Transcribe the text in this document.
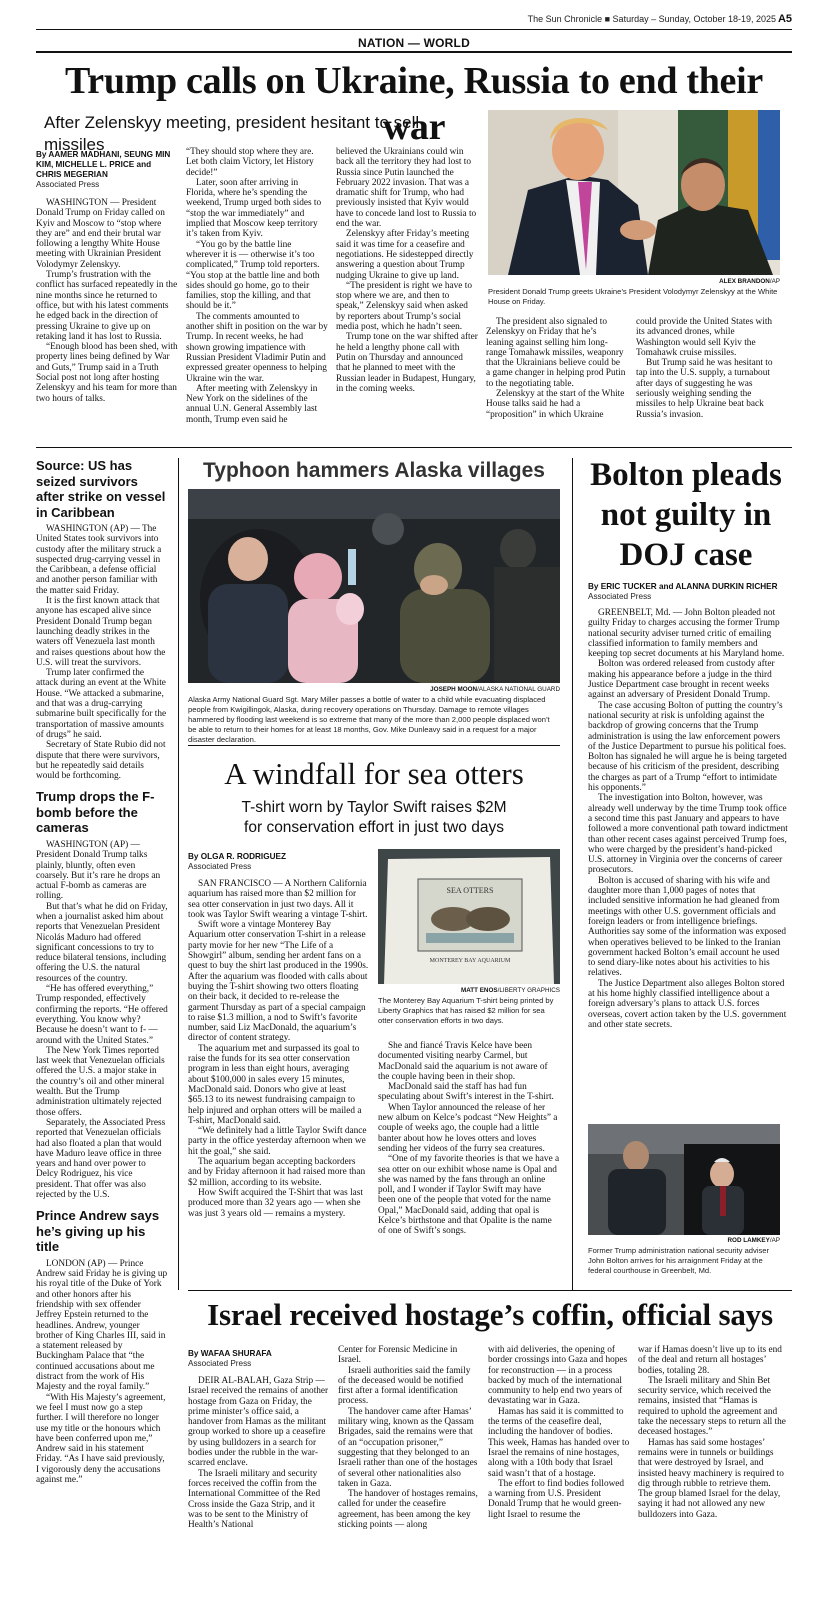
The Sun Chronicle ■ Saturday – Sunday, October 18-19, 2025 A5
NATION — WORLD
Trump calls on Ukraine, Russia to end their war
After Zelenskyy meeting, president hesitant to sell missiles
By AAMER MADHANI, SEUNG MIN KIM, MICHELLE L. PRICE and CHRIS MEGERIAN
Associated Press

WASHINGTON — President Donald Trump on Friday called on Kyiv and Moscow to “stop where they are” and end their brutal war following a lengthy White House meeting with Ukrainian President Volodymyr Zelenskyy.

Trump’s frustration with the conflict has surfaced repeatedly in the nine months since he returned to office, but with his latest comments he edged back in the direction of pressing Ukraine to give up on retaking land it has lost to Russia.

“Enough blood has been shed, with property lines being defined by War and Guts,” Trump said in a Truth Social post not long after hosting Zelenskyy and his team for more than two hours of talks.

“They should stop where they are. Let both claim Victory, let History decide!”

Later, soon after arriving in Florida, where he’s spending the weekend, Trump urged both sides to “stop the war immediately” and implied that Moscow keep territory it’s taken from Kyiv.

“You go by the battle line wherever it is — otherwise it’s too complicated,” Trump told reporters. “You stop at the battle line and both sides should go home, go to their families, stop the killing, and that should be it.”

The comments amounted to another shift in position on the war by Trump. In recent weeks, he had shown growing impatience with Russian President Vladimir Putin and expressed greater openness to helping Ukraine win the war.

After meeting with Zelenskyy in New York on the sidelines of the annual U.N. General Assembly last month, Trump even said he

believed the Ukrainians could win back all the territory they had lost to Russia since Putin launched the February 2022 invasion. That was a dramatic shift for Trump, who had previously insisted that Kyiv would have to concede land lost to Russia to end the war.

Zelenskyy after Friday’s meeting said it was time for a ceasefire and negotiations. He sidestepped directly answering a question about Trump nudging Ukraine to give up land.

“The president is right we have to stop where we are, and then to speak,” Zelenskyy said when asked by reporters about Trump’s social media post, which he hadn’t seen.

Trump tone on the war shifted after he held a lengthy phone call with Putin on Thursday and announced that he planned to meet with the Russian leader in Budapest, Hungary, in the coming weeks.

ALEX BRANDON/AP
President Donald Trump greets Ukraine’s President Volodymyr Zelenskyy at the White House on Friday.

The president also signaled to Zelenskyy on Friday that he’s leaning against selling him long-range Tomahawk missiles, weaponry that the Ukrainians believe could be a game changer in helping prod Putin to the negotiating table.

Zelenskyy at the start of the White House talks said he had a “proposition” in which Ukraine

could provide the United States with its advanced drones, while Washington would sell Kyiv the Tomahawk cruise missiles.

But Trump said he was hesitant to tap into the U.S. supply, a turnabout after days of suggesting he was seriously weighing sending the missiles to help Ukraine beat back Russia’s invasion.

Source: US has seized survivors after strike on vessel in Caribbean

WASHINGTON (AP) — The United States took survivors into custody after the military struck a suspected drug-carrying vessel in the Caribbean, a defense official and another person familiar with the matter said Friday.

It is the first known attack that anyone has escaped alive since President Donald Trump began launching deadly strikes in the waters off Venezuela last month and raises questions about how the U.S. will treat the survivors.

Trump later confirmed the attack during an event at the White House. “We attacked a submarine, and that was a drug-carrying submarine built specifically for the transportation of massive amounts of drugs” he said.

Secretary of State Rubio did not dispute that there were survivors, but he repeatedly said details would be forthcoming.

Trump drops the F-bomb before the cameras

WASHINGTON (AP) — President Donald Trump talks plainly, bluntly, often even coarsely. But it’s rare he drops an actual F-bomb as cameras are rolling.

But that’s what he did on Friday, when a journalist asked him about reports that Venezuelan President Nicolás Maduro had offered significant concessions to try to reduce bilateral tensions, including offering the U.S. the natural resources of the country.

“He has offered everything,” Trump responded, effectively confirming the reports. “He offered everything. You know why? Because he doesn’t want to f- — around with the United States.”

The New York Times reported last week that Venezuelan officials offered the U.S. a major stake in the country’s oil and other mineral wealth. But the Trump administration ultimately rejected those offers.

Separately, the Associated Press reported that Venezuelan officials had also floated a plan that would have Maduro leave office in three years and hand over power to Delcy Rodriguez, his vice president. That offer was also rejected by the U.S.

Prince Andrew says he’s giving up his title

LONDON (AP) — Prince Andrew said Friday he is giving up his royal title of the Duke of York and other honors after his friendship with sex offender Jeffrey Epstein returned to the headlines. Andrew, younger brother of King Charles III, said in a statement released by Buckingham Palace that “the continued accusations about me distract from the work of His Majesty and the royal family.”

“With His Majesty’s agreement, we feel I must now go a step further. I will therefore no longer use my title or the honours which have been conferred upon me,” Andrew said in his statement Friday. “As I have said previously, I vigorously deny the accusations against me.”

Typhoon hammers Alaska villages
JOSEPH MOON/ALASKA NATIONAL GUARD
Alaska Army National Guard Sgt. Mary Miller passes a bottle of water to a child while evacuating displaced people from Kwigillingok, Alaska, during recovery operations on Thursday. Damage to remote villages hammered by flooding last weekend is so extreme that many of the more than 2,000 people displaced won’t be able to return to their homes for at least 18 months, Gov. Mike Dunleavy said in a request for a major disaster declaration.
A windfall for sea otters
T-shirt worn by Taylor Swift raises $2M
for conservation effort in just two days
By OLGA R. RODRIGUEZ
Associated Press

SAN FRANCISCO — A Northern California aquarium has raised more than $2 million for sea otter conservation in just two days. All it took was Taylor Swift wearing a vintage T-shirt.

Swift wore a vintage Monterey Bay Aquarium otter conservation T-shirt in a release party movie for her new “The Life of a Showgirl” album, sending her ardent fans on a quest to buy the shirt last produced in the 1990s. After the aquarium was flooded with calls about buying the T-shirt showing two otters floating on their back, it decided to re-release the garment Thursday as part of a special campaign to raise $1.3 million, a nod to Swift’s favorite number, said Liz MacDonald, the aquarium’s director of content strategy.

The aquarium met and surpassed its goal to raise the funds for its sea otter conservation program in less than eight hours, averaging about $100,000 in sales every 15 minutes, MacDonald said. Donors who give at least $65.13 to its newest fundraising campaign to help injured and orphan otters will be mailed a T-shirt, MacDonald said.

“We definitely had a little Taylor Swift dance party in the office yesterday afternoon when we hit the goal,” she said.

The aquarium began accepting backorders and by Friday afternoon it had raised more than $2 million, according to its website.

How Swift acquired the T-Shirt that was last produced more than 32 years ago — when she was just 3 years old — remains a mystery.

SEA OTTERS
MONTEREY BAY AQUARIUM
MATT ENOS/LIBERTY GRAPHICS
The Monterey Bay Aquarium T-shirt being printed by Liberty Graphics that has raised $2 million for sea otter conservation efforts in two days.

She and fiancé Travis Kelce have been documented visiting nearby Carmel, but MacDonald said the aquarium is not aware of the couple having been in their shop.

MacDonald said the staff has had fun speculating about Swift’s interest in the T-shirt.

When Taylor announced the release of her new album on Kelce’s podcast “New Heights” a couple of weeks ago, the couple had a little banter about how he loves otters and loves sending her videos of the furry sea creatures.

“One of my favorite theories is that we have a sea otter on our exhibit whose name is Opal and she was named by the fans through an online poll, and I wonder if Taylor Swift may have been one of the people that voted for the name Opal,” MacDonald said, adding that opal is Kelce’s birthstone and that Opalite is the name of one of Swift’s songs.

Bolton pleads
not guilty in
DOJ case
By ERIC TUCKER and ALANNA DURKIN RICHER
Associated Press

GREENBELT, Md. — John Bolton pleaded not guilty Friday to charges accusing the former Trump national security adviser turned critic of emailing classified information to family members and keeping top secret documents at his Maryland home.

Bolton was ordered released from custody after making his appearance before a judge in the third Justice Department case brought in recent weeks against an adversary of President Donald Trump.

The case accusing Bolton of putting the country’s national security at risk is unfolding against the backdrop of growing concerns that the Trump administration is using the law enforcement powers of the Justice Department to pursue his political foes. Bolton has signaled he will argue he is being targeted because of his criticism of the president, describing the charges as part of a Trump “effort to intimidate his opponents.”

The investigation into Bolton, however, was already well underway by the time Trump took office a second time this past January and appears to have followed a more conventional path toward indictment than other recent cases against perceived Trump foes, who were charged by the president’s hand-picked U.S. attorney in Virginia over the concerns of career prosecutors.

Bolton is accused of sharing with his wife and daughter more than 1,000 pages of notes that included sensitive information he had gleaned from meetings with other U.S. government officials and foreign leaders or from intelligence briefings. Authorities say some of the information was exposed when operatives believed to be linked to the Iranian government hacked Bolton’s email account he used to send diary-like notes about his activities to his relatives.

The Justice Department also alleges Bolton stored at his home highly classified intelligence about a foreign adversary’s plans to attack U.S. forces overseas, covert action taken by the U.S. government and other state secrets.

ROD LAMKEY/AP
Former Trump administration national security adviser John Bolton arrives for his arraignment Friday at the federal courthouse in Greenbelt, Md.
Israel received hostage’s coffin, official says
By WAFAA SHURAFA
Associated Press

DEIR AL-BALAH, Gaza Strip — Israel received the remains of another hostage from Gaza on Friday, the prime minister’s office said, a handover from Hamas as the militant group worked to shore up a ceasefire by using bulldozers in a search for bodies under the rubble in the war-scarred enclave.

The Israeli military and security forces received the coffin from the International Committee of the Red Cross inside the Gaza Strip, and it was to be sent to the Ministry of Health’s National

Center for Forensic Medicine in Israel.

Israeli authorities said the family of the deceased would be notified first after a formal identification process.

The handover came after Hamas’ military wing, known as the Qassam Brigades, said the remains were that of an “occupation prisoner,” suggesting that they belonged to an Israeli rather than one of the hostages of several other nationalities also taken in Gaza.

The handover of hostages remains, called for under the ceasefire agreement, has been among the key sticking points — along

with aid deliveries, the opening of border crossings into Gaza and hopes for reconstruction — in a process backed by much of the international community to help end two years of devastating war in Gaza.

Hamas has said it is committed to the terms of the ceasefire deal, including the handover of bodies. This week, Hamas has handed over to Israel the remains of nine hostages, along with a 10th body that Israel said wasn’t that of a hostage.

The effort to find bodies followed a warning from U.S. President Donald Trump that he would green-light Israel to resume the

war if Hamas doesn’t live up to its end of the deal and return all hostages’ bodies, totaling 28.

The Israeli military and Shin Bet security service, which received the remains, insisted that “Hamas is required to uphold the agreement and take the necessary steps to return all the deceased hostages.”

Hamas has said some hostages’ remains were in tunnels or buildings that were destroyed by Israel, and insisted heavy machinery is required to dig through rubble to retrieve them. The group blamed Israel for the delay, saying it had not allowed any new bulldozers into Gaza.
